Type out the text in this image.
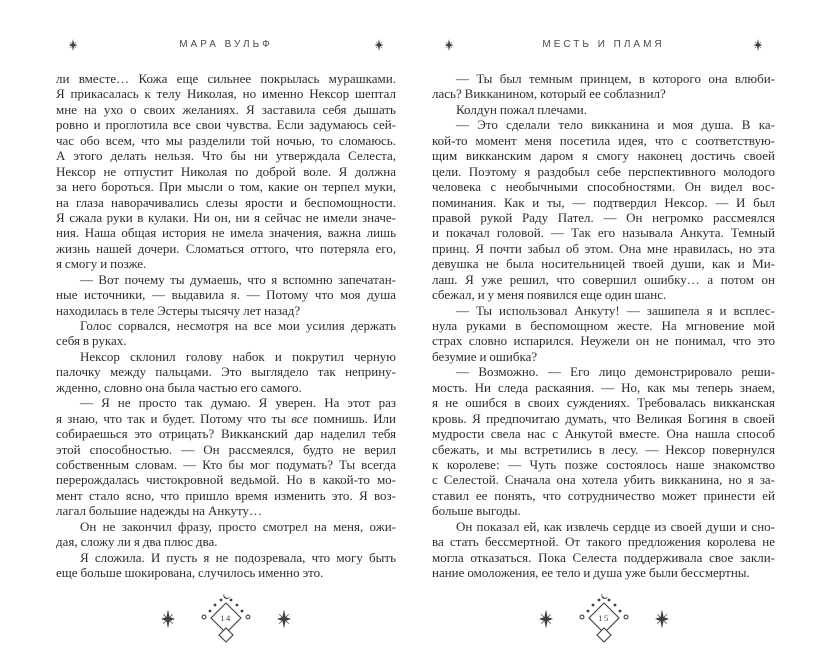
МАРА ВУЛЬФ
ли вместе… Кожа еще сильнее покрылась мурашками.
Я прикасалась к телу Николая, но именно Нексор шептал
мне на ухо о своих желаниях. Я заставила себя дышать
ровно и проглотила все свои чувства. Если задумаюсь сей-
час обо всем, что мы разделили той ночью, то сломаюсь.
А этого делать нельзя. Что бы ни утверждала Селеста,
Нексор не отпустит Николая по доброй воле. Я должна
за него бороться. При мысли о том, какие он терпел муки,
на глаза наворачивались слезы ярости и беспомощности.
Я сжала руки в кулаки. Ни он, ни я сейчас не имели значе-
ния. Наша общая история не имела значения, важна лишь
жизнь нашей дочери. Сломаться оттого, что потеряла его,
я смогу и позже.
— Вот почему ты думаешь, что я вспомню запечатан-
ные источники, — выдавила я. — Потому что моя душа
находилась в теле Эстеры тысячу лет назад?
Голос сорвался, несмотря на все мои усилия держать
себя в руках.
Нексор склонил голову набок и покрутил черную
палочку между пальцами. Это выглядело так неприну-
жденно, словно она была частью его самого.
— Я не просто так думаю. Я уверен. На этот раз
я знаю, что так и будет. Потому что ты все помнишь. Или
собираешься это отрицать? Викканский дар наделил тебя
этой способностью. — Он рассмеялся, будто не верил
собственным словам. — Кто бы мог подумать? Ты всегда
перерождалась чистокровной ведьмой. Но в какой-то мо-
мент стало ясно, что пришло время изменить это. Я воз-
лагал большие надежды на Анкуту…
Он не закончил фразу, просто смотрел на меня, ожи-
дая, сложу ли я два плюс два.
Я сложила. И пусть я не подозревала, что могу быть
еще больше шокирована, случилось именно это.
14
МЕСТЬ И ПЛАМЯ
— Ты был темным принцем, в которого она влюби-
лась? Викканином, который ее соблазнил?
Колдун пожал плечами.
— Это сделали тело викканина и моя душа. В ка-
кой-то момент меня посетила идея, что с соответствую-
щим викканским даром я смогу наконец достичь своей
цели. Поэтому я раздобыл себе перспективного молодого
человека с необычными способностями. Он видел вос-
поминания. Как и ты, — подтвердил Нексор. — И был
правой рукой Раду Пател. — Он негромко рассмеялся
и покачал головой. — Так его называла Анкута. Темный
принц. Я почти забыл об этом. Она мне нравилась, но эта
девушка не была носительницей твоей души, как и Ми-
лаш. Я уже решил, что совершил ошибку… а потом он
сбежал, и у меня появился еще один шанс.
— Ты использовал Анкуту! — зашипела я и всплес-
нула руками в беспомощном жесте. На мгновение мой
страх словно испарился. Неужели он не понимал, что это
безумие и ошибка?
— Возможно. — Его лицо демонстрировало реши-
мость. Ни следа раскаяния. — Но, как мы теперь знаем,
я не ошибся в своих суждениях. Требовалась викканская
кровь. Я предпочитаю думать, что Великая Богиня в своей
мудрости свела нас с Анкутой вместе. Она нашла способ
сбежать, и мы встретились в лесу. — Нексор повернулся
к королеве: — Чуть позже состоялось наше знакомство
с Селестой. Сначала она хотела убить викканина, но я за-
ставил ее понять, что сотрудничество может принести ей
больше выгоды.
Он показал ей, как извлечь сердце из своей души и сно-
ва стать бессмертной. От такого предложения королева не
могла отказаться. Пока Селеста поддерживала свое закли-
нание омоложения, ее тело и душа уже были бессмертны.
15
